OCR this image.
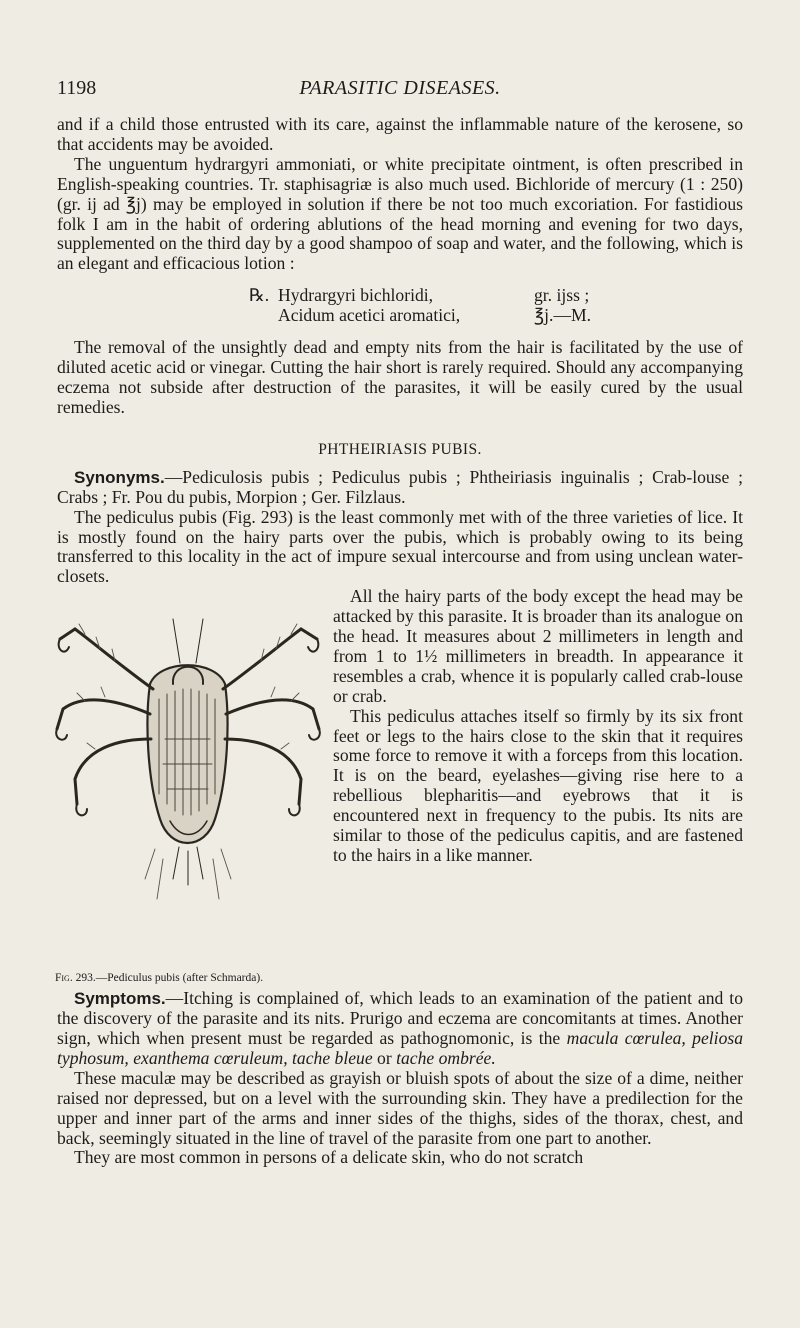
1198	PARASITIC DISEASES.

and if a child those entrusted with its care, against the inflammable nature of the kerosene, so that accidents may be avoided.

The unguentum hydrargyri ammoniati, or white precipitate ointment, is often prescribed in English-speaking countries. Tr. staphisagriæ is also much used. Bichloride of mercury (1 : 250) (gr. ij ad ℥j) may be employed in solution if there be not too much excoriation. For fastidious folk I am in the habit of ordering ablutions of the head morning and evening for two days, supplemented on the third day by a good shampoo of soap and water, and the following, which is an elegant and efficacious lotion :

℞. Hydrargyri bichloridi,	gr. ijss ;
Acidum acetici aromatici,	℥j.—M.

The removal of the unsightly dead and empty nits from the hair is facilitated by the use of diluted acetic acid or vinegar. Cutting the hair short is rarely required. Should any accompanying eczema not subside after destruction of the parasites, it will be easily cured by the usual remedies.

PHTHEIRIASIS PUBIS.

Synonyms.—Pediculosis pubis ; Pediculus pubis ; Phtheiriasis inguinalis ; Crab-louse ; Crabs ; Fr. Pou du pubis, Morpion ; Ger. Filzlaus.

The pediculus pubis (Fig. 293) is the least commonly met with of the three varieties of lice. It is mostly found on the hairy parts over the pubis, which is probably owing to its being transferred to this locality in the act of impure sexual intercourse and from using unclean water-closets.

Fig. 293.—Pediculus pubis (after Schmarda).

All the hairy parts of the body except the head may be attacked by this parasite. It is broader than its analogue on the head. It measures about 2 millimeters in length and from 1 to 1½ millimeters in breadth. In appearance it resembles a crab, whence it is popularly called crab-louse or crab.

This pediculus attaches itself so firmly by its six front feet or legs to the hairs close to the skin that it requires some force to remove it with a forceps from this location. It is on the beard, eyelashes—giving rise here to a rebellious blepharitis—and eyebrows that it is encountered next in frequency to the pubis. Its nits are similar to those of the pediculus capitis, and are fastened to the hairs in a like manner.

Symptoms.—Itching is complained of, which leads to an examination of the patient and to the discovery of the parasite and its nits. Prurigo and eczema are concomitants at times. Another sign, which when present must be regarded as pathognomonic, is the macula cœrulea, peliosa typhosum, exanthema cœruleum, tache bleue or tache ombrée.

These maculæ may be described as grayish or bluish spots of about the size of a dime, neither raised nor depressed, but on a level with the surrounding skin. They have a predilection for the upper and inner part of the arms and inner sides of the thighs, sides of the thorax, chest, and back, seemingly situated in the line of travel of the parasite from one part to another.

They are most common in persons of a delicate skin, who do not scratch
